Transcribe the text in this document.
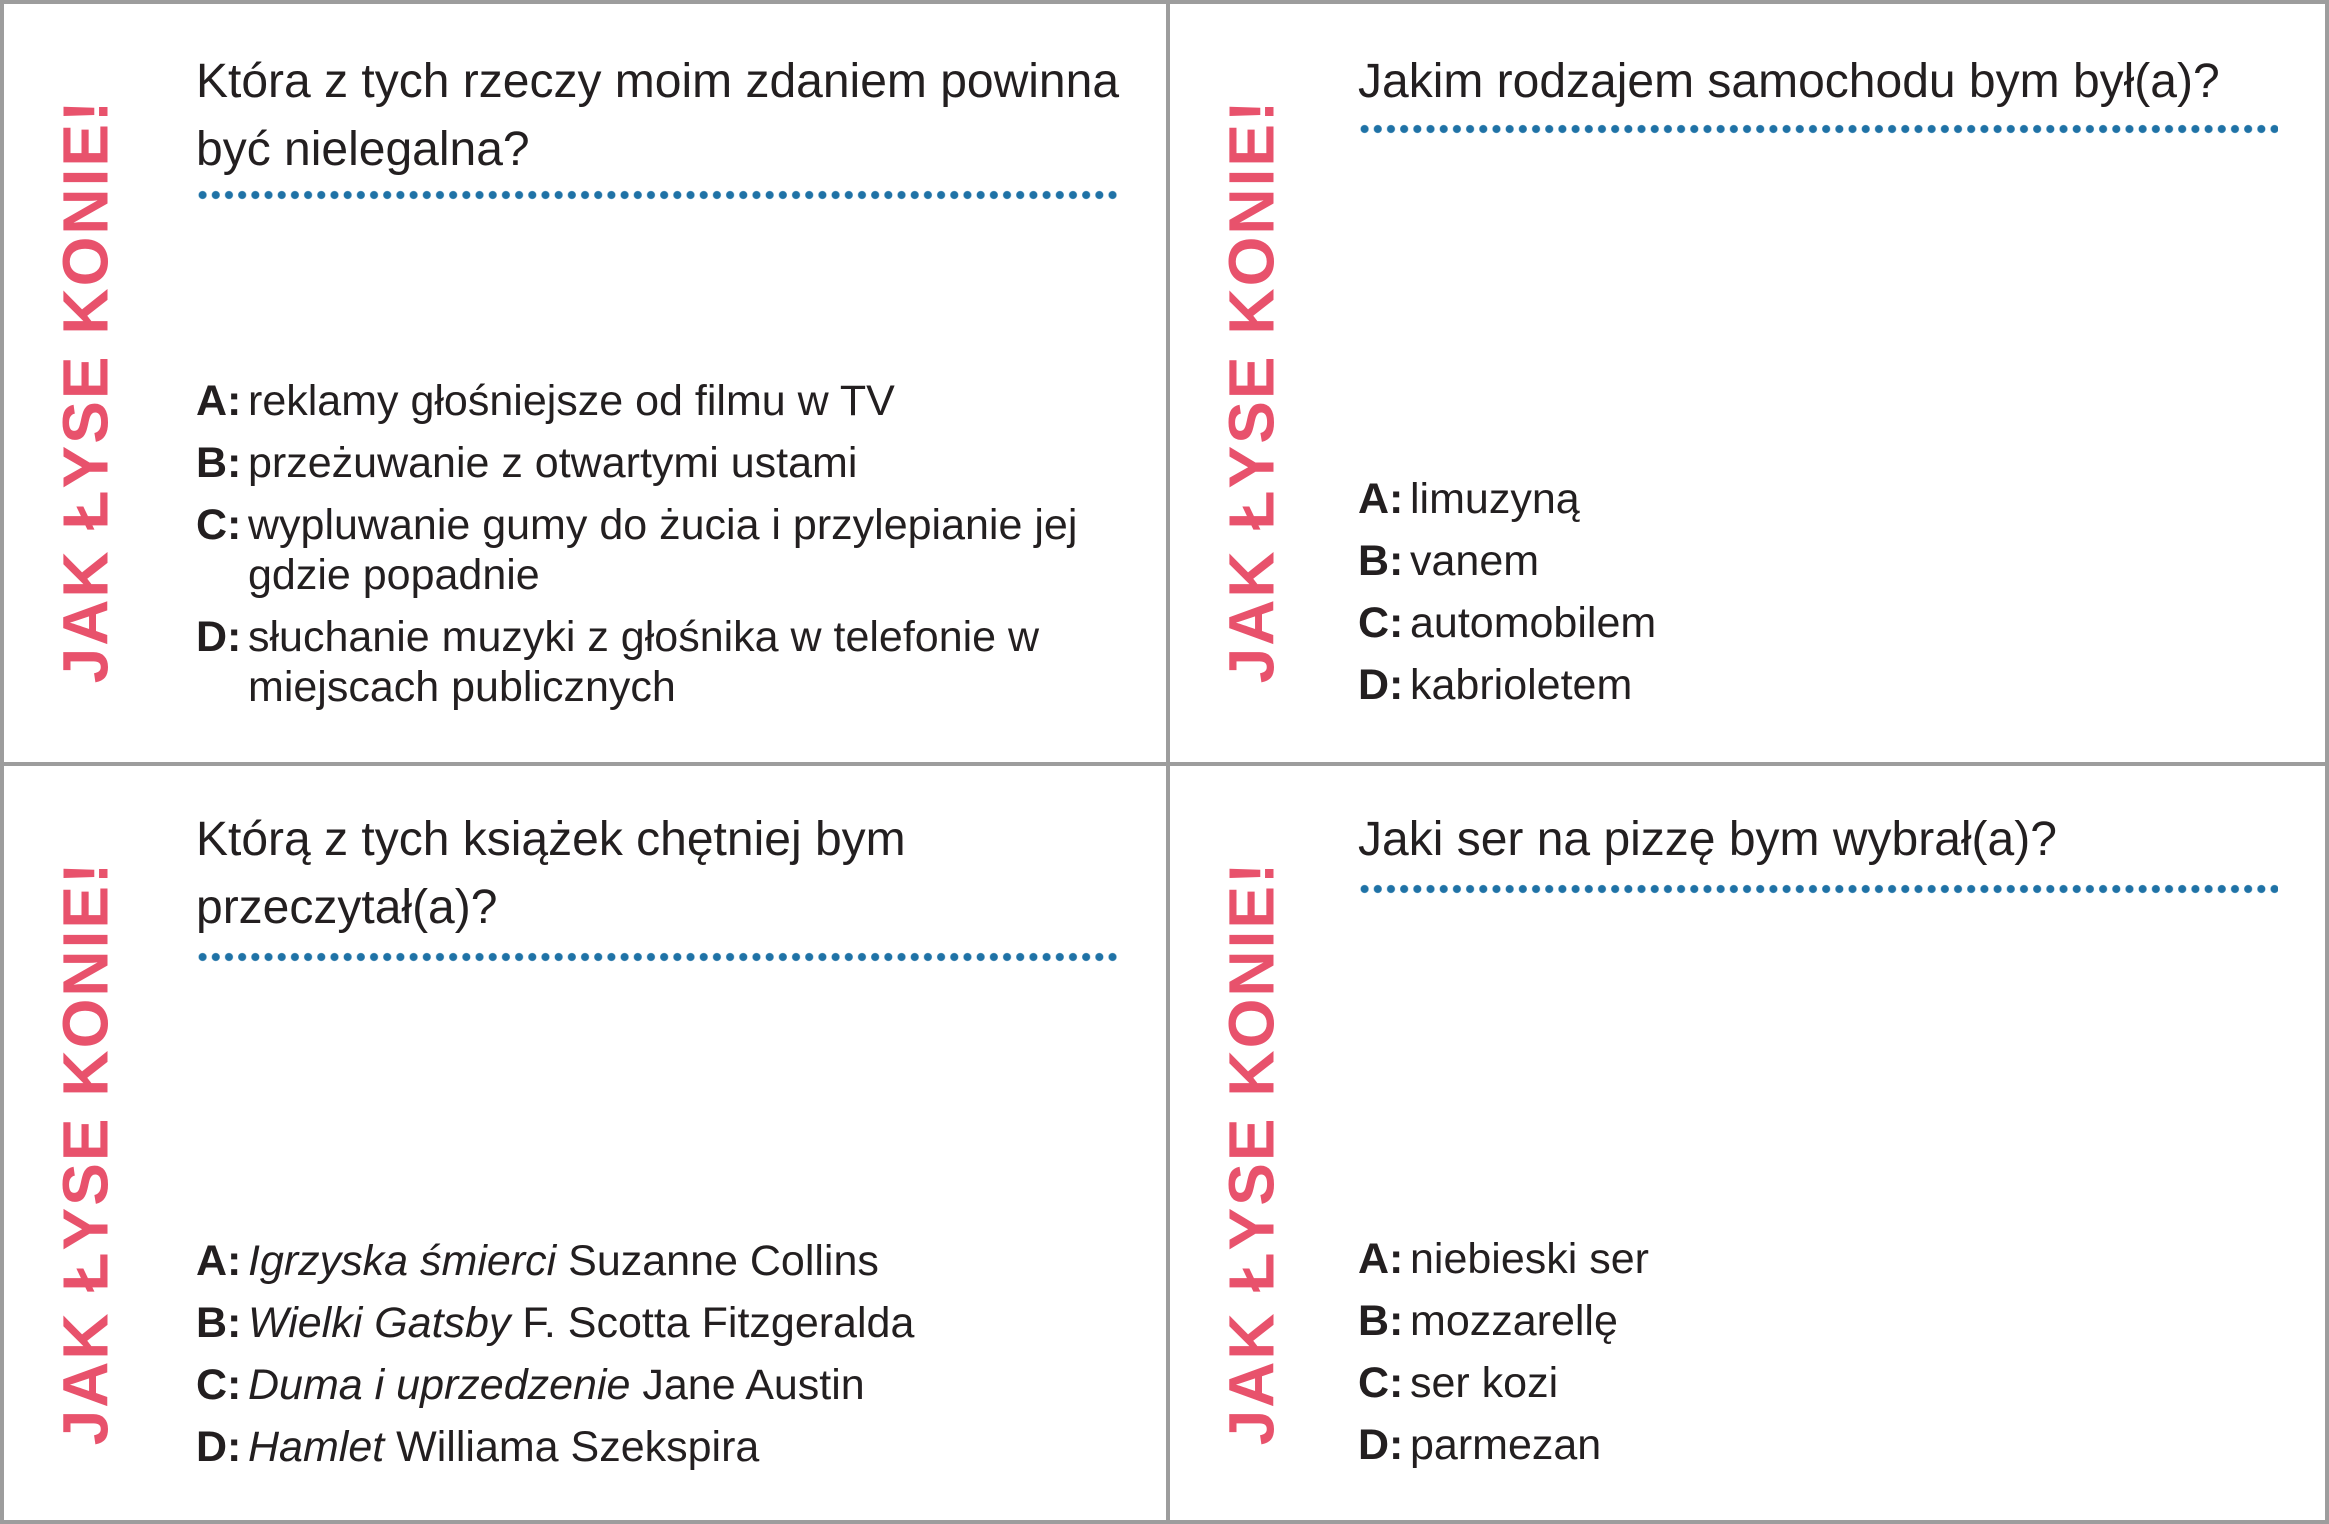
JAK ŁYSE KONIE!
Która z tych rzeczy moim zdaniem powinna być nielegalna?
A: reklamy głośniejsze od filmu w TV
B: przeżuwanie z otwartymi ustami
C: wypluwanie gumy do żucia i przylepianie jej gdzie popadnie
D: słuchanie muzyki z głośnika w telefonie w miejscach publicznych
JAK ŁYSE KONIE!
Jakim rodzajem samochodu bym był(a)?
A: limuzyną
B: vanem
C: automobilem
D: kabrioletem
JAK ŁYSE KONIE!
Którą z tych książek chętniej bym przeczytał(a)?
A: Igrzyska śmierci Suzanne Collins
B: Wielki Gatsby F. Scotta Fitzgeralda
C: Duma i uprzedzenie Jane Austin
D: Hamlet Williama Szekspira
JAK ŁYSE KONIE!
Jaki ser na pizzę bym wybrał(a)?
A: niebieski ser
B: mozzarellę
C: ser kozi
D: parmezan
